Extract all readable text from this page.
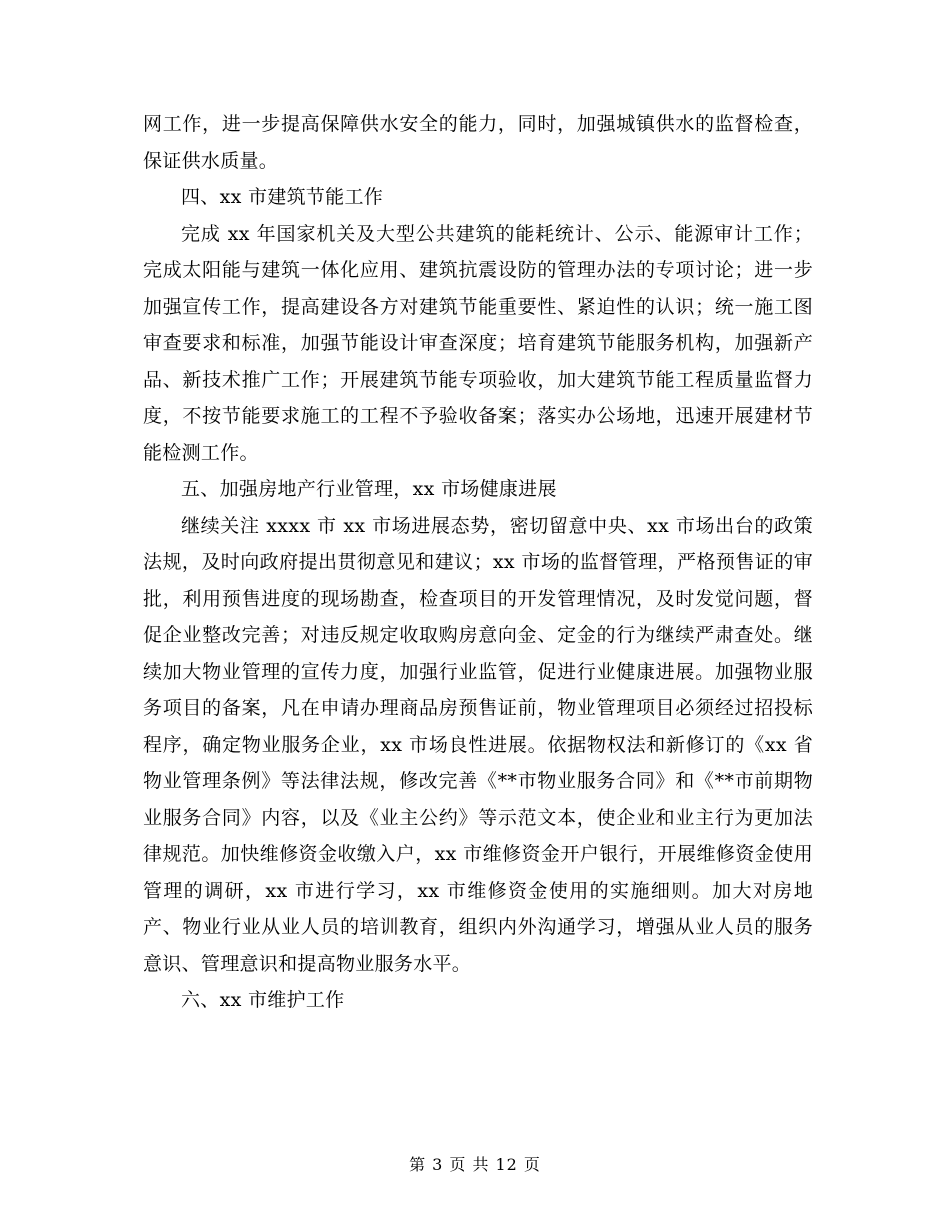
网工作，进一步提高保障供水安全的能力，同时，加强城镇供水的监督检查，保证供水质量。

四、xx 市建筑节能工作

完成 xx 年国家机关及大型公共建筑的能耗统计、公示、能源审计工作；完成太阳能与建筑一体化应用、建筑抗震设防的管理办法的专项讨论；进一步加强宣传工作，提高建设各方对建筑节能重要性、紧迫性的认识；统一施工图审查要求和标准，加强节能设计审查深度；培育建筑节能服务机构，加强新产品、新技术推广工作；开展建筑节能专项验收，加大建筑节能工程质量监督力度，不按节能要求施工的工程不予验收备案；落实办公场地，迅速开展建材节能检测工作。

五、加强房地产行业管理，xx 市场健康进展

继续关注 xxxx 市 xx 市场进展态势，密切留意中央、xx 市场出台的政策法规，及时向政府提出贯彻意见和建议；xx 市场的监督管理，严格预售证的审批，利用预售进度的现场勘查，检查项目的开发管理情况，及时发觉问题，督促企业整改完善；对违反规定收取购房意向金、定金的行为继续严肃查处。继续加大物业管理的宣传力度，加强行业监管，促进行业健康进展。加强物业服务项目的备案，凡在申请办理商品房预售证前，物业管理项目必须经过招投标程序，确定物业服务企业，xx 市场良性进展。依据物权法和新修订的《xx 省物业管理条例》等法律法规，修改完善《**市物业服务合同》和《**市前期物业服务合同》内容，以及《业主公约》等示范文本，使企业和业主行为更加法律规范。加快维修资金收缴入户，xx 市维修资金开户银行，开展维修资金使用管理的调研，xx 市进行学习，xx 市维修资金使用的实施细则。加大对房地产、物业行业从业人员的培训教育，组织内外沟通学习，增强从业人员的服务意识、管理意识和提高物业服务水平。

六、xx 市维护工作

第 3 页 共 12 页
